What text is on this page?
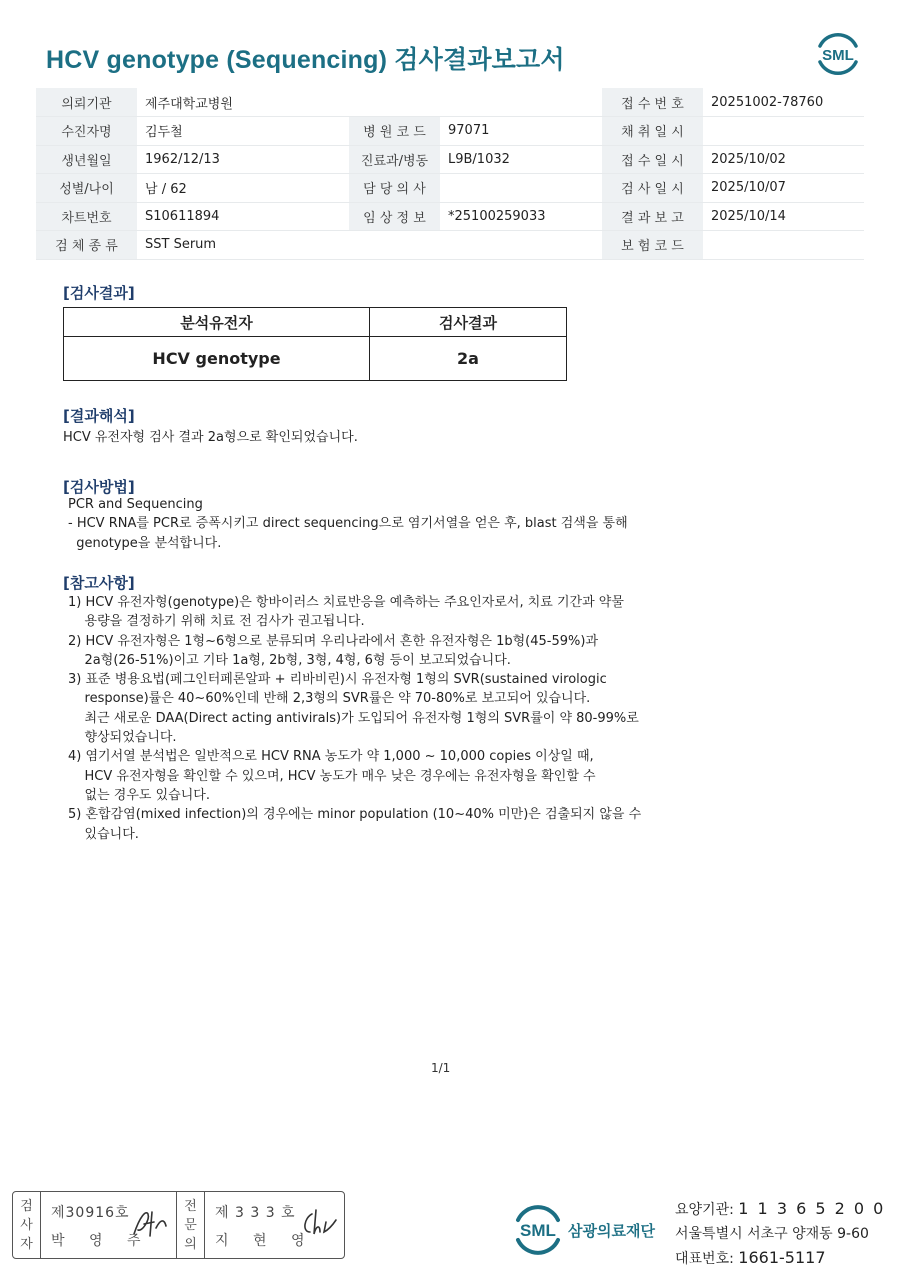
HCV genotype (Sequencing) 검사결과보고서	SML
의뢰기관	제주대학교병원			접 수 번 호	20251002-78760
수진자명	김두철	병 원 코 드	97071	채 취 일 시	
생년월일	1962/12/13	진료과/병동	L9B/1032	접 수 일 시	2025/10/02
성별/나이	남 / 62	담 당 의 사		검 사 일 시	2025/10/07
차트번호	S10611894	임 상 정 보	*25100259033	결 과 보 고	2025/10/14
검 체 종 류	SST Serum			보 험 코 드	
[검사결과]
분석유전자	검사결과
HCV genotype	2a
[결과해석]
HCV 유전자형 검사 결과 2a형으로 확인되었습니다.
[검사방법]
PCR and Sequencing
- HCV RNA를 PCR로 증폭시키고 direct sequencing으로 염기서열을 얻은 후, blast 검색을 통해
genotype을 분석합니다.
[참고사항]
1) HCV 유전자형(genotype)은 항바이러스 치료반응을 예측하는 주요인자로서, 치료 기간과 약물
용량을 결정하기 위해 치료 전 검사가 권고됩니다.
2) HCV 유전자형은 1형~6형으로 분류되며 우리나라에서 흔한 유전자형은 1b형(45-59%)과
2a형(26-51%)이고 기타 1a형, 2b형, 3형, 4형, 6형 등이 보고되었습니다.
3) 표준 병용요법(페그인터페론알파 + 리바비린)시 유전자형 1형의 SVR(sustained virologic
response)률은 40~60%인데 반해 2,3형의 SVR률은 약 70-80%로 보고되어 있습니다.
최근 새로운 DAA(Direct acting antivirals)가 도입되어 유전자형 1형의 SVR률이 약 80-99%로
향상되었습니다.
4) 염기서열 분석법은 일반적으로 HCV RNA 농도가 약 1,000 ~ 10,000 copies 이상일 때,
HCV 유전자형을 확인할 수 있으며, HCV 농도가 매우 낮은 경우에는 유전자형을 확인할 수
없는 경우도 있습니다.
5) 혼합감염(mixed infection)의 경우에는 minor population (10~40% 미만)은 검출되지 않을 수
있습니다.
1/1
검
사
자
제30916호
박 영 주
전
문
의
제 3 3 3 호
지 현 영
SML 삼광의료재단
요양기관: 1 1 3 6 5 2 0 0
서울특별시 서초구 양재동 9-60
대표번호: 1661-5117
